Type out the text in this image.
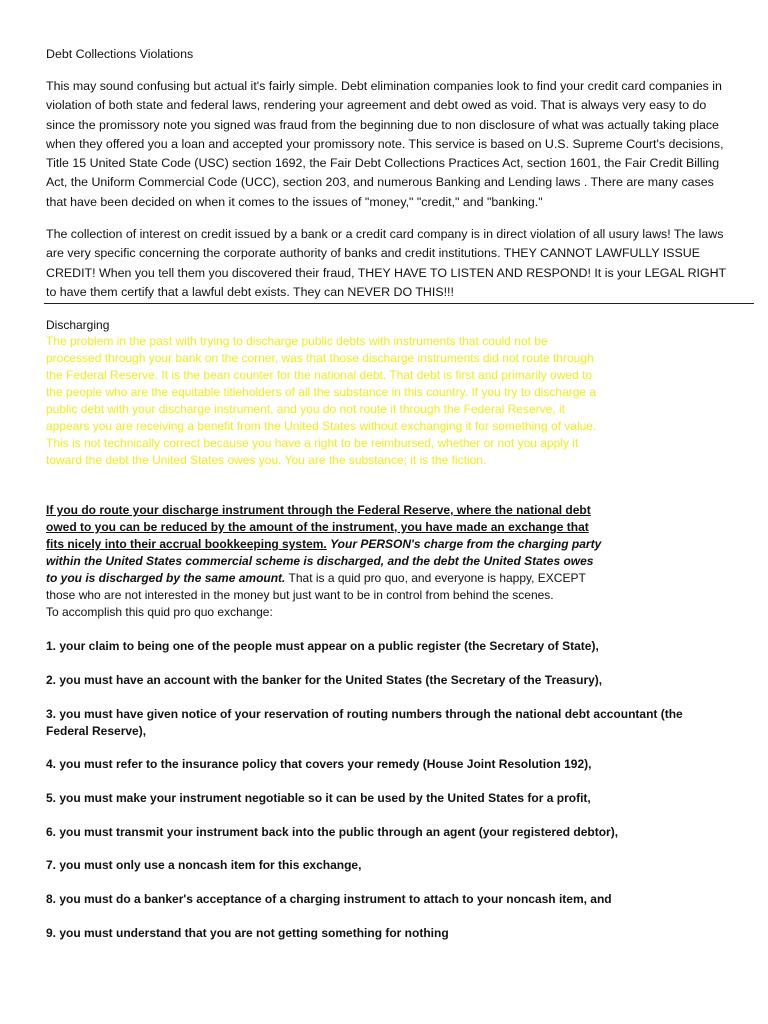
Debt Collections Violations
This may sound confusing but actual it's fairly simple. Debt elimination companies look to find your credit card companies in violation of both state and federal laws, rendering your agreement and debt owed as void. That is always very easy to do since the promissory note you signed was fraud from the beginning due to non disclosure of what was actually taking place when they offered you a loan and accepted your promissory note. This service is based on U.S. Supreme Court's decisions, Title 15 United State Code (USC) section 1692, the Fair Debt Collections Practices Act, section 1601, the Fair Credit Billing Act, the Uniform Commercial Code (UCC), section 203, and numerous Banking and Lending laws . There are many cases that have been decided on when it comes to the issues of "money," "credit," and "banking."
The collection of interest on credit issued by a bank or a credit card company is in direct violation of all usury laws! The laws are very specific concerning the corporate authority of banks and credit institutions. THEY CANNOT LAWFULLY ISSUE CREDIT! When you tell them you discovered their fraud, THEY HAVE TO LISTEN AND RESPOND! It is your LEGAL RIGHT to have them certify that a lawful debt exists. They can NEVER DO THIS!!!
Discharging
The problem in the past with trying to discharge public debts with instruments that could not be processed through your bank on the corner, was that those discharge instruments did not route through the Federal Reserve. It is the bean counter for the national debt. That debt is first and primarily owed to the people who are the equitable titleholders of all the substance in this country. If you try to discharge a public debt with your discharge instrument, and you do not route it through the Federal Reserve, it appears you are receiving a benefit from the United States without exchanging it for something of value. This is not technically correct because you have a right to be reimbursed, whether or not you apply it toward the debt the United States owes you. You are the substance; it is the fiction.
If you do route your discharge instrument through the Federal Reserve, where the national debt owed to you can be reduced by the amount of the instrument, you have made an exchange that fits nicely into their accrual bookkeeping system. Your PERSON's charge from the charging party within the United States commercial scheme is discharged, and the debt the United States owes to you is discharged by the same amount. That is a quid pro quo, and everyone is happy, EXCEPT those who are not interested in the money but just want to be in control from behind the scenes.
To accomplish this quid pro quo exchange:
1. your claim to being one of the people must appear on a public register (the Secretary of State),
2. you must have an account with the banker for the United States (the Secretary of the Treasury),
3. you must have given notice of your reservation of routing numbers through the national debt accountant (the Federal Reserve),
4. you must refer to the insurance policy that covers your remedy (House Joint Resolution 192),
5. you must make your instrument negotiable so it can be used by the United States for a profit,
6. you must transmit your instrument back into the public through an agent (your registered debtor),
7. you must only use a noncash item for this exchange,
8. you must do a banker's acceptance of a charging instrument to attach to your noncash item, and
9. you must understand that you are not getting something for nothing
